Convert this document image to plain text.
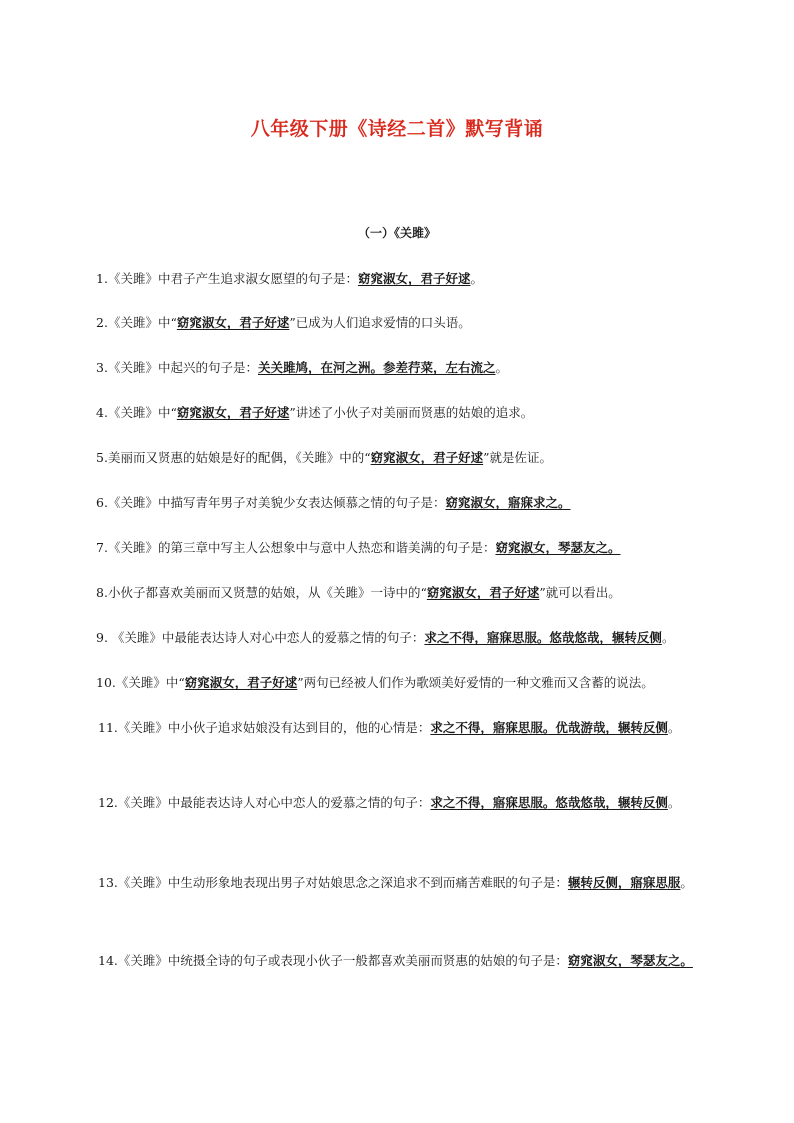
八年级下册《诗经二首》默写背诵
（一）《关雎》
1.《关雎》中君子产生追求淑女愿望的句子是：窈窕淑女，君子好逑。
2.《关雎》中“窈窕淑女，君子好逑”已成为人们追求爱情的口头语。
3.《关雎》中起兴的句子是：关关雎鸠，在河之洲。参差荇菜，左右流之。
4.《关雎》中“窈窕淑女，君子好逑”讲述了小伙子对美丽而贤惠的姑娘的追求。
5.美丽而又贤惠的姑娘是好的配偶，《关雎》中的“窈窕淑女，君子好逑”就是佐证。
6.《关雎》中描写青年男子对美貌少女表达倾慕之情的句子是：窈窕淑女，寤寐求之。
7.《关雎》的第三章中写主人公想象中与意中人热恋和谐美满的句子是：窈窕淑女，琴瑟友之。
8.小伙子都喜欢美丽而又贤慧的姑娘，从《关雎》一诗中的“窈窕淑女，君子好逑”就可以看出。
9. 《关雎》中最能表达诗人对心中恋人的爱慕之情的句子：求之不得，寤寐思服。悠哉悠哉，辗转反侧。
10.《关雎》中“窈窕淑女，君子好逑”两句已经被人们作为歌颂美好爱情的一种文雅而又含蓄的说法。
11.《关雎》中小伙子追求姑娘没有达到目的，他的心情是：求之不得，寤寐思服。优哉游哉，辗转反侧。
12.《关雎》中最能表达诗人对心中恋人的爱慕之情的句子：求之不得，寤寐思服。悠哉悠哉，辗转反侧。
13.《关雎》中生动形象地表现出男子对姑娘思念之深追求不到而痛苦难眠的句子是：辗转反侧，寤寐思服。
14.《关雎》中统摄全诗的句子或表现小伙子一般都喜欢美丽而贤惠的姑娘的句子是：窈窕淑女，琴瑟友之。
